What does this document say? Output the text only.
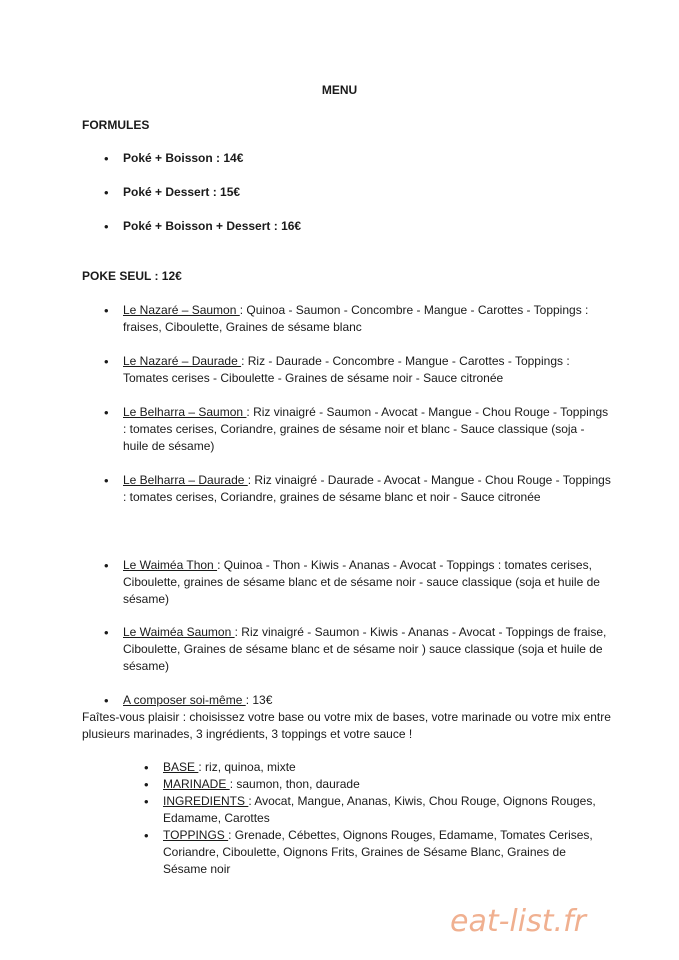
MENU
FORMULES
• Poké + Boisson : 14€
• Poké + Dessert : 15€
• Poké + Boisson + Dessert : 16€
POKE SEUL : 12€
• Le Nazaré – Saumon : Quinoa - Saumon - Concombre - Mangue - Carottes - Toppings : fraises, Ciboulette, Graines de sésame blanc
• Le Nazaré – Daurade : Riz - Daurade - Concombre - Mangue - Carottes - Toppings : Tomates cerises - Ciboulette - Graines de sésame noir - Sauce citronée
• Le Belharra – Saumon : Riz vinaigré - Saumon - Avocat - Mangue - Chou Rouge - Toppings : tomates cerises, Coriandre, graines de sésame noir et blanc - Sauce classique (soja - huile de sésame)
• Le Belharra – Daurade : Riz vinaigré - Daurade - Avocat - Mangue - Chou Rouge - Toppings : tomates cerises, Coriandre, graines de sésame blanc et noir - Sauce citronée
• Le Waiméa Thon : Quinoa - Thon - Kiwis - Ananas - Avocat - Toppings : tomates cerises, Ciboulette, graines de sésame blanc et de sésame noir - sauce classique (soja et huile de sésame)
• Le Waiméa Saumon : Riz vinaigré - Saumon - Kiwis - Ananas - Avocat - Toppings de fraise, Ciboulette, Graines de sésame blanc et de sésame noir ) sauce classique (soja et huile de sésame)
• A composer soi-même : 13€
Faîtes-vous plaisir : choisissez votre base ou votre mix de bases, votre marinade ou votre mix entre plusieurs marinades, 3 ingrédients, 3 toppings et votre sauce !
• BASE : riz, quinoa, mixte
• MARINADE : saumon, thon, daurade
• INGREDIENTS : Avocat, Mangue, Ananas, Kiwis, Chou Rouge, Oignons Rouges, Edamame, Carottes
• TOPPINGS : Grenade, Cébettes, Oignons Rouges, Edamame, Tomates Cerises, Coriandre, Ciboulette, Oignons Frits, Graines de Sésame Blanc, Graines de Sésame noir
eat-list.fr
